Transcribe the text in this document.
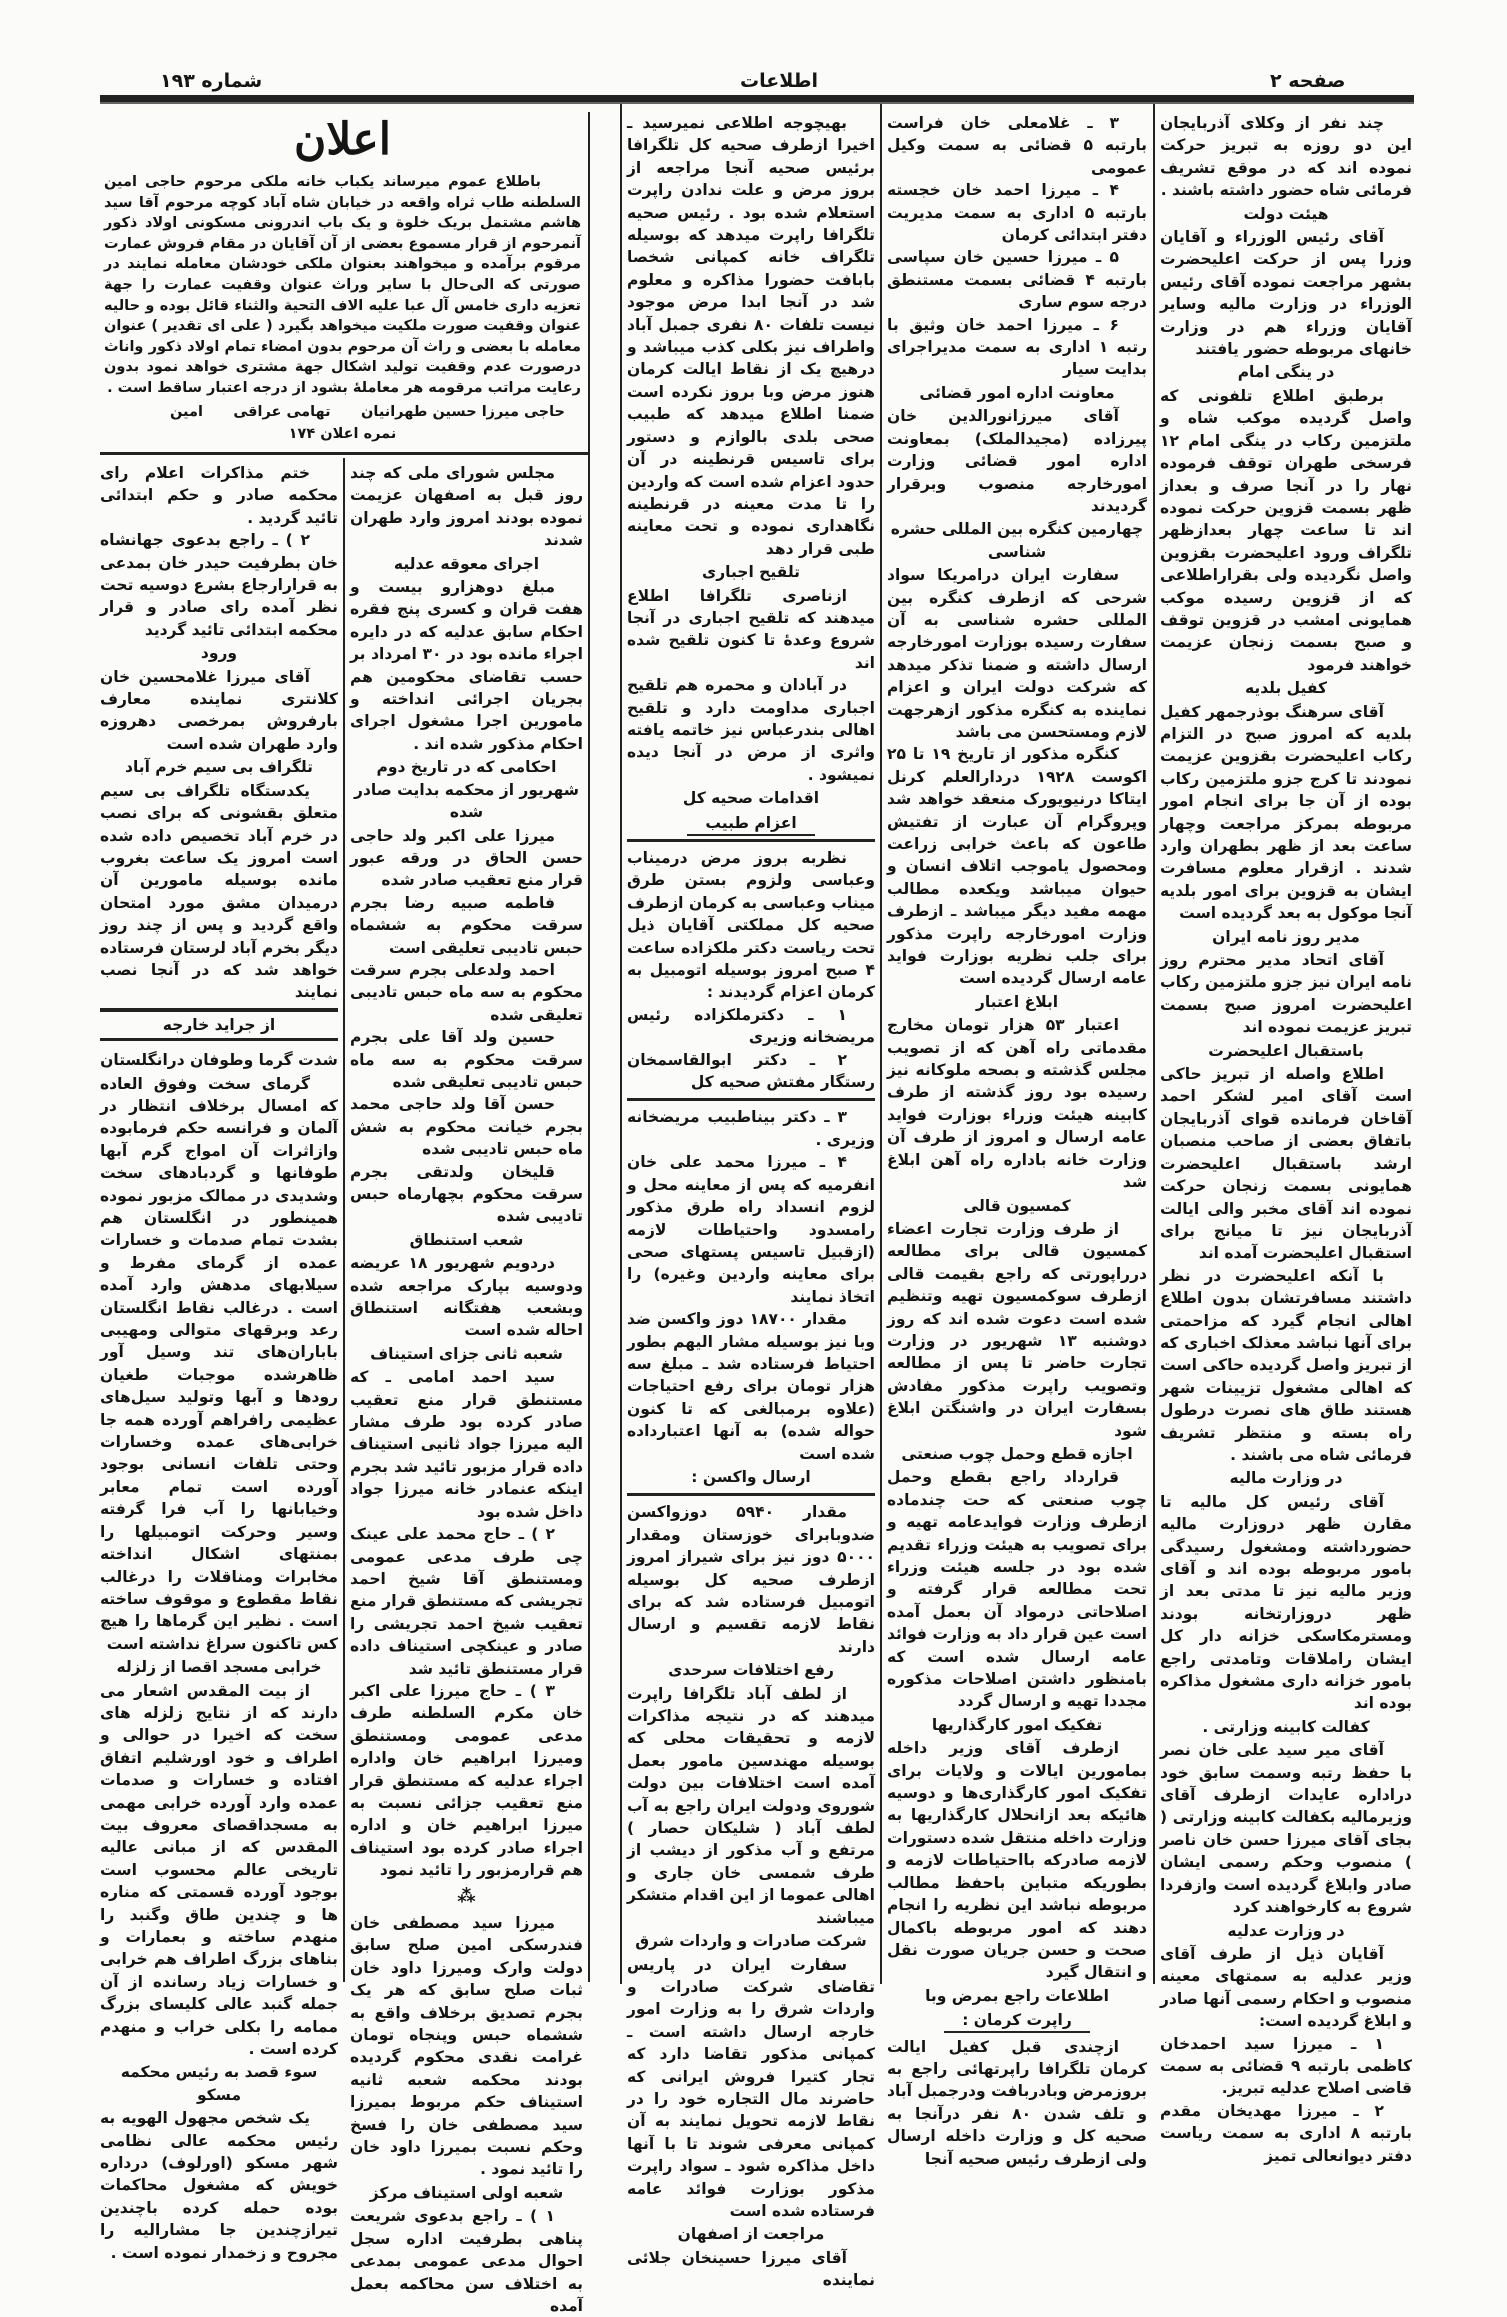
صفحه ۲
اطلاعات
شماره ۱۹۳
اعلان
باطلاع عموم میرساند یکباب خانه ملکی مرحوم حاجی امین السلطنه طاب ثراه واقعه در خیابان شاه آباد کوچه مرحوم آقا سید هاشم مشتمل بریک خلوة و یک باب اندرونی مسکونی اولاد ذکور آنمرحوم از قرار مسموع بعضی از آن آقایان در مقام فروش عمارت مرقوم برآمده و میخواهند بعنوان ملکی خودشان معامله نمایند در صورتی که الی‌حال با سایر وراث عنوان وقفیت عمارت را جهة تعزیه داری خامس آل عبا علیه الاف التحیة والثناء قائل بوده و حالیه عنوان وقفیت صورت ملکیت میخواهد بگیرد ( علی ای تقدیر ) عنوان معامله با بعضی و راث آن مرحوم بدون امضاء تمام اولاد ذکور واناث درصورت عدم وقفیت تولید اشکال جهة مشتری خواهد نمود بدون رعایت مراتب مرقومه هر معاملهٔ بشود از درجه اعتبار ساقط است .
حاجی میرزا حسین طهرانیان
تهامی عراقی
امین
نمره اعلان ۱۷۴

چند نفر از وکلای آذربایجان این دو روزه به تبریز حرکت نموده اند که در موقع تشریف فرمائی شاه حضور داشته باشند .

هیئت دولت

آقای رئیس الوزراء و آقایان وزرا پس از حرکت اعلیحضرت بشهر مراجعت نموده آقای رئیس الوزراء در وزارت مالیه وسایر آقایان وزراء هم در وزارت خانهای مربوطه حضور یافتند

در ینگی امام

برطبق اطلاع تلفونی که واصل گردیده موکب شاه و ملتزمین رکاب در ینگی امام ۱۲ فرسخی طهران توقف فرموده نهار را در آنجا صرف و بعداز ظهر بسمت قزوین حرکت نموده اند تا ساعت چهار بعدازظهر تلگراف ورود اعلیحضرت بقزوین واصل نگردیده ولی بقراراطلاعی که از قزوین رسیده موکب همایونی امشب در قزوین توقف و صبح بسمت زنجان عزیمت خواهند فرمود

کفیل بلدیه

آقای سرهنگ بوذرجمهر کفیل بلدیه که امروز صبح در التزام رکاب اعلیحضرت بقزوین عزیمت نمودند تا کرج جزو ملتزمین رکاب بوده از آن جا برای انجام امور مربوطه بمرکز مراجعت وچهار ساعت بعد از ظهر بطهران وارد شدند . ازقرار معلوم مسافرت ایشان به قزوین برای امور بلدیه آنجا موکول به بعد گردیده است

مدیر روز نامه ایران

آقای اتحاد مدیر محترم روز نامه ایران نیز جزو ملتزمین رکاب اعلیحضرت امروز صبح بسمت تبریز عزیمت نموده اند

باستقبال اعلیحضرت

اطلاع واصله از تبریز حاکی است آقای امیر لشکر احمد آقاخان فرمانده قوای آذربایجان باتفاق بعضی از صاحب منصبان ارشد باستقبال اعلیحضرت همایونی بسمت زنجان حرکت نموده اند آقای مخبر والی ایالت آذربایجان نیز تا میانج برای استقبال اعلیحضرت آمده اند

با آنکه اعلیحضرت در نظر داشتند مسافرتشان بدون اطلاع اهالی انجام گیرد که مزاحمتی برای آنها نباشد معذلک اخباری که از تبریز واصل گردیده حاکی است که اهالی مشغول تزیینات شهر هستند طاق های نصرت درطول راه بسته و منتظر تشریف فرمائی شاه می باشند .

در وزارت مالیه

آقای رئیس کل مالیه تا مقارن ظهر دروزارت مالیه حضورداشته ومشغول رسیدگی بامور مربوطه بوده اند و آقای وزیر مالیه نیز تا مدتی بعد از ظهر دروزارتخانه بودند ومسترمکاسکی خزانه دار کل ایشان راملاقات وتامدتی راجع بامور خزانه داری مشغول مذاکره بوده اند

کفالت کابینه وزارتی .

آقای میر سید علی خان نصر با حفظ رتبه وسمت سابق خود دراداره عایدات ازطرف آقای وزیرمالیه بکفالت کابینه وزارتی ( بجای آقای میرزا حسن خان ناصر ) منصوب وحکم رسمی ایشان صادر وابلاغ گردیده است وازفردا شروع به کارخواهند کرد

در وزارت عدلیه

آقایان ذیل از طرف آقای وزیر عدلیه به سمتهای معینه منصوب و احکام رسمی آنها صادر و ابلاغ گردیده است:

۱ ـ میرزا سید احمدخان کاظمی بارتبه ۹ قضائی به سمت قاضی اصلاح عدلیه تبریز.

۲ ـ میرزا مهدیخان مقدم بارتبه ۸ اداری به سمت ریاست دفتر دیوانعالی تمیز

۳ ـ غلامعلی خان فراست بارتبه ۵ قضائی به سمت وکیل عمومی

۴ ـ میرزا احمد خان خجسته بارتبه ۵ اداری به سمت مدیریت دفتر ابتدائی کرمان

۵ ـ میرزا حسین خان سپاسی بارتبه ۴ قضائی بسمت مستنطق درجه سوم ساری

۶ ـ میرزا احمد خان وثیق با رتبه ۱ اداری به سمت مدیراجرای بدایت سیار

معاونت اداره امور قضائی

آقای میرزانورالدین خان پیرزاده (مجیدالملک) بمعاونت اداره امور قضائی وزارت امورخارجه منصوب وبرقرار گردیدند

چهارمین کنگره بین المللی حشره شناسی

سفارت ایران درامریکا سواد شرحی که ازطرف کنگره بین المللی حشره شناسی به آن سفارت رسیده بوزارت امورخارجه ارسال داشته و ضمنا تذکر میدهد که شرکت دولت ایران و اعزام نماینده به کنگره مذکور ازهرجهت لازم ومستحسن می باشد

کنگره مذکور از تاریخ ۱۹ تا ۲۵ اکوست ۱۹۲۸ دردارالعلم کرنل ایتاکا درنیویورک منعقد خواهد شد وپروگرام آن عبارت از تفتیش طاعون که باعث خرابی زراعت ومحصول یاموجب اتلاف انسان و حیوان میباشد ویکعده مطالب مهمه مفید دیگر میباشد ـ ازطرف وزارت امورخارجه راپرت مذکور برای جلب نظریه بوزارت فواید عامه ارسال گردیده است

ابلاغ اعتبار

اعتبار ۵۳ هزار تومان مخارج مقدماتی راه آهن که از تصویب مجلس گذشته و بصحه ملوکانه نیز رسیده بود روز گذشته از طرف کابینه هیئت وزراء بوزارت فواید عامه ارسال و امروز از طرف آن وزارت خانه باداره راه آهن ابلاغ شد

کمسیون قالی

از طرف وزارت تجارت اعضاء کمسیون قالی برای مطالعه درراپورتی که راجع بقیمت قالی ازطرف سوکمسیون تهیه وتنظیم شده است دعوت شده اند که روز دوشنبه ۱۳ شهریور در وزارت تجارت حاضر تا پس از مطالعه وتصویب راپرت مذکور مفادش بسفارت ایران در واشنگتن ابلاغ شود

اجازه قطع وحمل چوب صنعتی

قرارداد راجع بقطع وحمل چوب صنعتی که حت چندماده ازطرف وزارت فوایدعامه تهیه و برای تصویب به هیئت وزراء تقدیم شده بود در جلسه هیئت وزراء تحت مطالعه قرار گرفته و اصلاحاتی درمواد آن بعمل آمده است عین قرار داد به وزارت فوائد عامه ارسال شده است که بامنظور داشتن اصلاحات مذکوره مجددا تهیه و ارسال گردد

تفکیک امور کارگذاریها

ازطرف آقای وزیر داخله بمامورین ایالات و ولایات برای تفکیک امور کارگذاری‌ها و دوسیه هائیکه بعد ازانحلال کارگذاریها به وزارت داخله منتقل شده دستورات لازمه صادرکه بااحتیاطات لازمه و بطوریکه متباین باحفظ مطالب مربوطه نباشد این نظریه را انجام دهند که امور مربوطه باکمال صحت و حسن جریان صورت نقل و انتقال گیرد

اطلاعات راجع بمرض وبا
راپرت کرمان :

ازچندی قبل کفیل ایالت کرمان تلگرافا راپرتهائی راجع به بروزمرض وبادربافت ودرجمبل آباد و تلف شدن ۸۰ نفر درآنجا به صحیه کل و وزارت داخله ارسال ولی ازطرف رئیس صحیه آنجا

بهیچوجه اطلاعی نمیرسید ـ اخیرا ازطرف صحیه کل تلگرافا برئیس صحیه آنجا مراجعه از بروز مرض و علت ندادن راپرت استعلام شده بود . رئیس صحیه تلگرافا راپرت میدهد که بوسیله تلگراف خانه کمپانی شخصا بابافت حضورا مذاکره و معلوم شد در آنجا ابدا مرض موجود نیست تلفات ۸۰ نفری جمبل آباد واطراف نیز بکلی کذب میباشد و درهیچ یک از نقاط ایالت کرمان هنوز مرض وبا بروز نکرده است ضمنا اطلاع میدهد که طبیب صحی بلدی بالوازم و دستور برای تاسیس قرنطینه در آن حدود اعزام شده است که واردین را تا مدت معینه در قرنطینه نگاهداری نموده و تحت معاینه طبی قرار دهد

تلقیح اجباری

ازناصری تلگرافا اطلاع میدهند که تلقیح اجباری در آنجا شروع وعدهٔ تا کنون تلقیح شده اند

در آبادان و محمره هم تلقیح اجباری مداومت دارد و تلقیح اهالی بندرعباس نیز خاتمه یافته واثری از مرض در آنجا دیده نمیشود .

اقدامات صحیه کل
اعزام طبیب

نظربه بروز مرض درمیناب وعباسی ولزوم بستن طرق میناب وعباسی به کرمان ازطرف صحیه کل مملکتی آقایان ذیل تحت ریاست دکتر ملکزاده ساعت ۴ صبح امروز بوسیله اتومبیل به کرمان اعزام گردیدند :

۱ ـ دکترملکزاده رئیس مریضخانه وزیری

۲ ـ دکتر ابوالقاسمخان رستگار مفتش صحیه کل

۳ ـ دکتر بیناطبیب مریضخانه وزیری .

۴ ـ میرزا محمد علی خان انفرمیه که پس از معاینه محل و لزوم انسداد راه طرق مذکور رامسدود واحتیاطات لازمه (ازقبیل تاسیس پستهای صحی برای معاینه واردین وغیره) را اتخاذ نمایند

مقدار ۱۸۷۰۰ دوز واکسن ضد وبا نیز بوسیله مشار الیهم بطور احتیاط فرستاده شد ـ مبلغ سه هزار تومان برای رفع احتیاجات (علاوه برمبالغی که تا کنون حواله شده) به آنها اعتبارداده شده است

ارسال واکسن :

مقدار ۵۹۴۰ دوزواکسن ضدوبابرای خوزستان ومقدار ۵۰۰۰ دوز نیز برای شیراز امروز ازطرف صحیه کل بوسیله اتومبیل فرستاده شد که برای نقاط لازمه تقسیم و ارسال دارند

رفع اختلافات سرحدی

از لطف آباد تلگرافا راپرت میدهند که در نتیجه مذاکرات لازمه و تحقیقات محلی که بوسیله مهندسین مامور بعمل آمده است اختلافات بین دولت شوروی ودولت ایران راجع به آب لطف آباد ( شلیکان حصار ) مرتفع و آب مذکور از دیشب از طرف شمسی خان جاری و اهالی عموما از این اقدام متشکر میباشند

شرکت صادرات و واردات شرق

سفارت ایران در پاریس تقاضای شرکت صادرات و واردات شرق را به وزارت امور خارجه ارسال داشته است ـ کمپانی مذکور تقاضا دارد که تجار کتیرا فروش ایرانی که حاضرند مال التجاره خود را در نقاط لازمه تحویل نمایند به آن کمپانی معرفی شوند تا با آنها داخل مذاکره شود ـ سواد راپرت مذکور بوزارت فوائد عامه فرستاده شده است

مراجعت از اصفهان

آقای میرزا حسینخان جلائی نماینده

مجلس شورای ملی که چند روز قبل به اصفهان عزیمت نموده بودند امروز وارد طهران شدند

اجرای معوقه عدلیه

مبلغ دوهزارو بیست و هفت قران و کسری پنج فقره احکام سابق عدلیه که در دایره اجراء مانده بود در ۳۰ امرداد بر حسب تقاضای محکومین هم بجریان اجرائی انداخته و مامورین اجرا مشغول اجرای احکام مذکور شده اند .

احکامی که در تاریخ دوم شهریور از محکمه بدایت صادر شده

میرزا علی اکبر ولد حاجی حسن الحاق در ورقه عبور قرار منع تعقیب صادر شده

فاطمه صبیه رضا بجرم سرقت محکوم به ششماه حبس تادیبی تعلیقی است

احمد ولدعلی بجرم سرقت محکوم به سه ماه حبس تادیبی تعلیقی شده

حسین ولد آقا علی بجرم سرقت محکوم به سه ماه حبس تادیبی تعلیقی شده

حسن آقا ولد حاجی محمد بجرم خیانت محکوم به شش ماه حبس تادیبی شده

قلیخان ولدتقی بجرم سرقت محکوم بچهارماه حبس تادیبی شده

شعب استنطاق

دردویم شهریور ۱۸ عریضه ودوسیه بپارک مراجعه شده وبشعب هفتگانه استنطاق احاله شده است

شعبه ثانی جزای استیناف

سید احمد امامی ـ که مستنطق قرار منع تعقیب صادر کرده بود طرف مشار الیه میرزا جواد ثانیی استیناف داده قرار مزبور تائید شد بجرم اینکه عنمادر خانه میرزا جواد داخل شده بود

۲ ) ـ حاج محمد علی عینک چی طرف مدعی عمومی ومستنطق آقا شیخ احمد تجریشی که مستنطق قرار منع تعقیب شیخ احمد تجریشی را صادر و عینکچی استیناف داده قرار مستنطق تائید شد

۳ ) ـ حاج میرزا علی اکبر خان مکرم السلطنه طرف مدعی عمومی ومستنطق ومیرزا ابراهیم خان واداره اجراء عدلیه که مستنطق قرار منع تعقیب جزائی نسبت به میرزا ابراهیم خان و اداره اجراء صادر کرده بود استیناف هم قرارمزبور را تائید نمود

⁂

میرزا سید مصطفی خان فندرسکی امین صلح سابق دولت وارک ومیرزا داود خان ثبات صلح سابق که هر یک بجرم تصدیق برخلاف واقع به ششماه حبس وپنجاه تومان غرامت نقدی محکوم گردیده بودند محکمه شعبه ثانیه استیناف حکم مربوط بمیرزا سید مصطفی خان را فسخ وحکم نسبت بمیرزا داود خان را تائید نمود .

شعبه اولی استیناف مرکز

۱ ) ـ راجع بدعوی شریعت پناهی بطرفیت اداره سجل احوال مدعی عمومی بمدعی به اختلاف سن محاکمه بعمل آمده

ختم مذاکرات اعلام رای محکمه صادر و حکم ابتدائی تائید گردید .

۲ ) ـ راجع بدعوی جهانشاه خان بطرفیت حیدر خان بمدعی به قرارارجاع بشرع دوسیه تحت نظر آمده رای صادر و قرار محکمه ابتدائی تائید گردید

ورود

آقای میرزا غلامحسین خان کلانتری نماینده معارف بارفروش بمرخصی دهروزه وارد طهران شده است

تلگراف بی سیم خرم آباد

یکدستگاه تلگراف بی سیم متعلق بقشونی که برای نصب در خرم آباد تخصیص داده شده است امروز یک ساعت بغروب مانده بوسیله مامورین آن درمیدان مشق مورد امتحان واقع گردید و پس از چند روز دیگر بخرم آباد لرستان فرستاده خواهد شد که در آنجا نصب نمایند

از جراید خارجه
شدت گرما وطوفان درانگلستان

گرمای سخت وفوق العاده که امسال برخلاف انتظار در آلمان و فرانسه حکم فرمابوده وازاثرات آن امواج گرم آبها طوفانها و گردبادهای سخت وشدیدی در ممالک مزبور نموده همینطور در انگلستان هم بشدت تمام صدمات و خسارات عمده از گرمای مفرط و سیلابهای مدهش وارد آمده است . درغالب نقاط انگلستان رعد وبرقهای متوالی ومهیبی باباران‌های تند وسیل آور ظاهرشده موجبات طغیان رودها و آبها وتولید سیل‌های عظیمی رافراهم آورده همه جا خرابی‌های عمده وخسارات وحتی تلفات انسانی بوجود آورده است تمام معابر وخیابانها را آب فرا گرفته وسیر وحرکت اتومبیلها را بمنتهای اشکال انداخته مخابرات ومناقلات را درغالب نقاط مقطوع و موقوف ساخته است . نظیر این گرماها را هیچ کس تاکنون سراغ نداشته است

خرابی مسجد اقصا از زلزله

از بیت المقدس اشعار می دارند که از نتایج زلزله های سخت که اخیرا در حوالی و اطراف و خود اورشلیم اتفاق افتاده و خسارات و صدمات عمده وارد آورده خرابی مهمی به مسجداقصای معروف بیت المقدس که از مبانی عالیه تاریخی عالم محسوب است بوجود آورده قسمتی که مناره ها و چندین طاق وگنبد را منهدم ساخته و بعمارات و بناهای بزرگ اطراف هم خرابی و خسارات زیاد رسانده از آن جمله گنبد عالی کلیسای بزرگ ممامه را بکلی خراب و منهدم کرده است .

سوء قصد به رئیس محکمه مسکو

یک شخص مجهول الهویه به رئیس محکمه عالی نظامی شهر مسکو (اورلوف) درداره خویش که مشغول محاکمات بوده حمله کرده باچندین تیرازچندین جا مشارالیه را مجروح و زخمدار نموده است .
